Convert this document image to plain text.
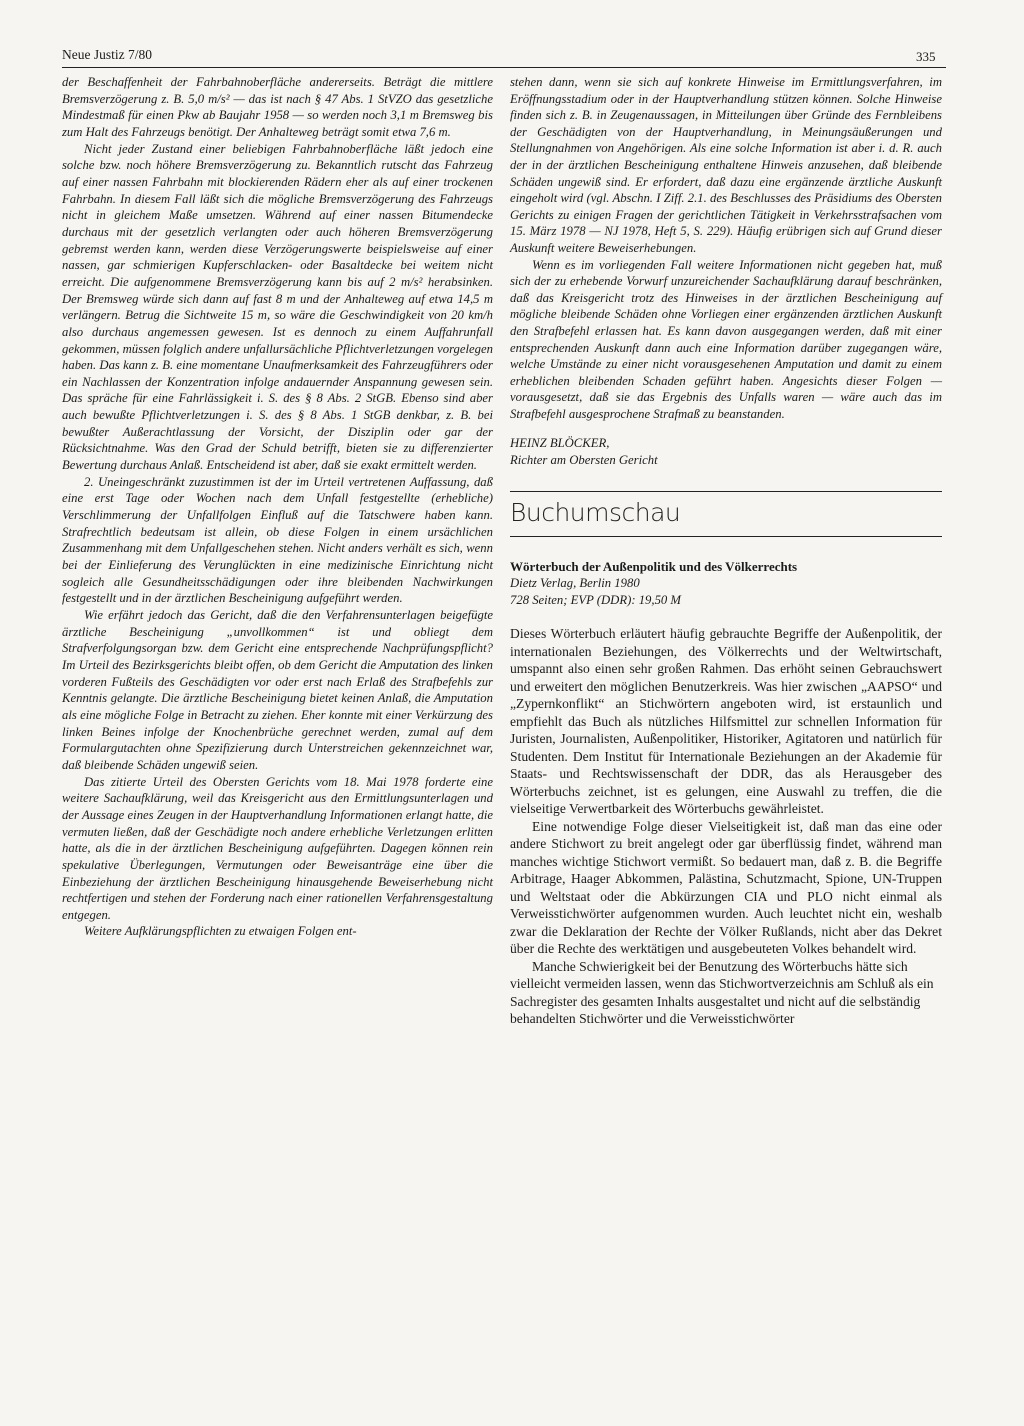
Neue Justiz 7/80	335

der Beschaffenheit der Fahrbahnoberfläche andererseits. Beträgt die mittlere Bremsverzögerung z. B. 5,0 m/s² — das ist nach § 47 Abs. 1 StVZO das gesetzliche Mindestmaß für einen Pkw ab Baujahr 1958 — so werden noch 3,1 m Bremsweg bis zum Halt des Fahrzeugs benötigt. Der Anhalteweg beträgt somit etwa 7,6 m.

Nicht jeder Zustand einer beliebigen Fahrbahnoberfläche läßt jedoch eine solche bzw. noch höhere Bremsverzögerung zu. Bekanntlich rutscht das Fahrzeug auf einer nassen Fahrbahn mit blockierenden Rädern eher als auf einer trockenen Fahrbahn. In diesem Fall läßt sich die mögliche Bremsverzögerung des Fahrzeugs nicht in gleichem Maße umsetzen. Während auf einer nassen Bitumendecke durchaus mit der gesetzlich verlangten oder auch höheren Bremsverzögerung gebremst werden kann, werden diese Verzögerungswerte beispielsweise auf einer nassen, gar schmierigen Kupferschlacken- oder Basaltdecke bei weitem nicht erreicht. Die aufgenommene Bremsverzögerung kann bis auf 2 m/s² herabsinken. Der Bremsweg würde sich dann auf fast 8 m und der Anhalteweg auf etwa 14,5 m verlängern. Betrug die Sichtweite 15 m, so wäre die Geschwindigkeit von 20 km/h also durchaus angemessen gewesen. Ist es dennoch zu einem Auffahrunfall gekommen, müssen folglich andere unfallursächliche Pflichtverletzungen vorgelegen haben. Das kann z. B. eine momentane Unaufmerksamkeit des Fahrzeugführers oder ein Nachlassen der Konzentration infolge andauernder Anspannung gewesen sein. Das spräche für eine Fahrlässigkeit i. S. des § 8 Abs. 2 StGB. Ebenso sind aber auch bewußte Pflichtverletzungen i. S. des § 8 Abs. 1 StGB denkbar, z. B. bei bewußter Außerachtlassung der Vorsicht, der Disziplin oder gar der Rücksichtnahme. Was den Grad der Schuld betrifft, bieten sie zu differenzierter Bewertung durchaus Anlaß. Entscheidend ist aber, daß sie exakt ermittelt werden.

2. Uneingeschränkt zuzustimmen ist der im Urteil vertretenen Auffassung, daß eine erst Tage oder Wochen nach dem Unfall festgestellte (erhebliche) Verschlimmerung der Unfallfolgen Einfluß auf die Tatschwere haben kann. Strafrechtlich bedeutsam ist allein, ob diese Folgen in einem ursächlichen Zusammenhang mit dem Unfallgeschehen stehen. Nicht anders verhält es sich, wenn bei der Einlieferung des Verunglückten in eine medizinische Einrichtung nicht sogleich alle Gesundheitsschädigungen oder ihre bleibenden Nachwirkungen festgestellt und in der ärztlichen Bescheinigung aufgeführt werden.

Wie erfährt jedoch das Gericht, daß die den Verfahrensunterlagen beigefügte ärztliche Bescheinigung „unvollkommen“ ist und obliegt dem Strafverfolgungsorgan bzw. dem Gericht eine entsprechende Nachprüfungspflicht? Im Urteil des Bezirksgerichts bleibt offen, ob dem Gericht die Amputation des linken vorderen Fußteils des Geschädigten vor oder erst nach Erlaß des Strafbefehls zur Kenntnis gelangte. Die ärztliche Bescheinigung bietet keinen Anlaß, die Amputation als eine mögliche Folge in Betracht zu ziehen. Eher konnte mit einer Verkürzung des linken Beines infolge der Knochenbrüche gerechnet werden, zumal auf dem Formulargutachten ohne Spezifizierung durch Unterstreichen gekennzeichnet war, daß bleibende Schäden ungewiß seien.

Das zitierte Urteil des Obersten Gerichts vom 18. Mai 1978 forderte eine weitere Sachaufklärung, weil das Kreisgericht aus den Ermittlungsunterlagen und der Aussage eines Zeugen in der Hauptverhandlung Informationen erlangt hatte, die vermuten ließen, daß der Geschädigte noch andere erhebliche Verletzungen erlitten hatte, als die in der ärztlichen Bescheinigung aufgeführten. Dagegen können rein spekulative Überlegungen, Vermutungen oder Beweisanträge eine über die Einbeziehung der ärztlichen Bescheinigung hinausgehende Beweiserhebung nicht rechtfertigen und stehen der Forderung nach einer rationellen Verfahrensgestaltung entgegen.

Weitere Aufklärungspflichten zu etwaigen Folgen ent-

stehen dann, wenn sie sich auf konkrete Hinweise im Ermittlungsverfahren, im Eröffnungsstadium oder in der Hauptverhandlung stützen können. Solche Hinweise finden sich z. B. in Zeugenaussagen, in Mitteilungen über Gründe des Fernbleibens der Geschädigten von der Hauptverhandlung, in Meinungsäußerungen und Stellungnahmen von Angehörigen. Als eine solche Information ist aber i. d. R. auch der in der ärztlichen Bescheinigung enthaltene Hinweis anzusehen, daß bleibende Schäden ungewiß sind. Er erfordert, daß dazu eine ergänzende ärztliche Auskunft eingeholt wird (vgl. Abschn. I Ziff. 2.1. des Beschlusses des Präsidiums des Obersten Gerichts zu einigen Fragen der gerichtlichen Tätigkeit in Verkehrsstrafsachen vom 15. März 1978 — NJ 1978, Heft 5, S. 229). Häufig erübrigen sich auf Grund dieser Auskunft weitere Beweiserhebungen.

Wenn es im vorliegenden Fall weitere Informationen nicht gegeben hat, muß sich der zu erhebende Vorwurf unzureichender Sachaufklärung darauf beschränken, daß das Kreisgericht trotz des Hinweises in der ärztlichen Bescheinigung auf mögliche bleibende Schäden ohne Vorliegen einer ergänzenden ärztlichen Auskunft den Strafbefehl erlassen hat. Es kann davon ausgegangen werden, daß mit einer entsprechenden Auskunft dann auch eine Information darüber zugegangen wäre, welche Umstände zu einer nicht vorausgesehenen Amputation und damit zu einem erheblichen bleibenden Schaden geführt haben. Angesichts dieser Folgen — vorausgesetzt, daß sie das Ergebnis des Unfalls waren — wäre auch das im Strafbefehl ausgesprochene Strafmaß zu beanstanden.

HEINZ BLÖCKER,
Richter am Obersten Gericht
Buchumschau
Wörterbuch der Außenpolitik und des Völkerrechts
Dietz Verlag, Berlin 1980
728 Seiten; EVP (DDR): 19,50 M

Dieses Wörterbuch erläutert häufig gebrauchte Begriffe der Außenpolitik, der internationalen Beziehungen, des Völkerrechts und der Weltwirtschaft, umspannt also einen sehr großen Rahmen. Das erhöht seinen Gebrauchswert und erweitert den möglichen Benutzerkreis. Was hier zwischen „AAPSO“ und „Zypernkonflikt“ an Stichwörtern angeboten wird, ist erstaunlich und empfiehlt das Buch als nützliches Hilfsmittel zur schnellen Information für Juristen, Journalisten, Außenpolitiker, Historiker, Agitatoren und natürlich für Studenten. Dem Institut für Internationale Beziehungen an der Akademie für Staats- und Rechtswissenschaft der DDR, das als Herausgeber des Wörterbuchs zeichnet, ist es gelungen, eine Auswahl zu treffen, die die vielseitige Verwertbarkeit des Wörterbuchs gewährleistet.

Eine notwendige Folge dieser Vielseitigkeit ist, daß man das eine oder andere Stichwort zu breit angelegt oder gar überflüssig findet, während man manches wichtige Stichwort vermißt. So bedauert man, daß z. B. die Begriffe Arbitrage, Haager Abkommen, Palästina, Schutzmacht, Spione, UN-Truppen und Weltstaat oder die Abkürzungen CIA und PLO nicht einmal als Verweisstichwörter aufgenommen wurden. Auch leuchtet nicht ein, weshalb zwar die Deklaration der Rechte der Völker Rußlands, nicht aber das Dekret über die Rechte des werktätigen und ausgebeuteten Volkes behandelt wird.

Manche Schwierigkeit bei der Benutzung des Wörterbuchs hätte sich vielleicht vermeiden lassen, wenn das Stichwortverzeichnis am Schluß als ein Sachregister des gesamten Inhalts ausgestaltet und nicht auf die selbständig behandelten Stichwörter und die Verweisstichwörter
